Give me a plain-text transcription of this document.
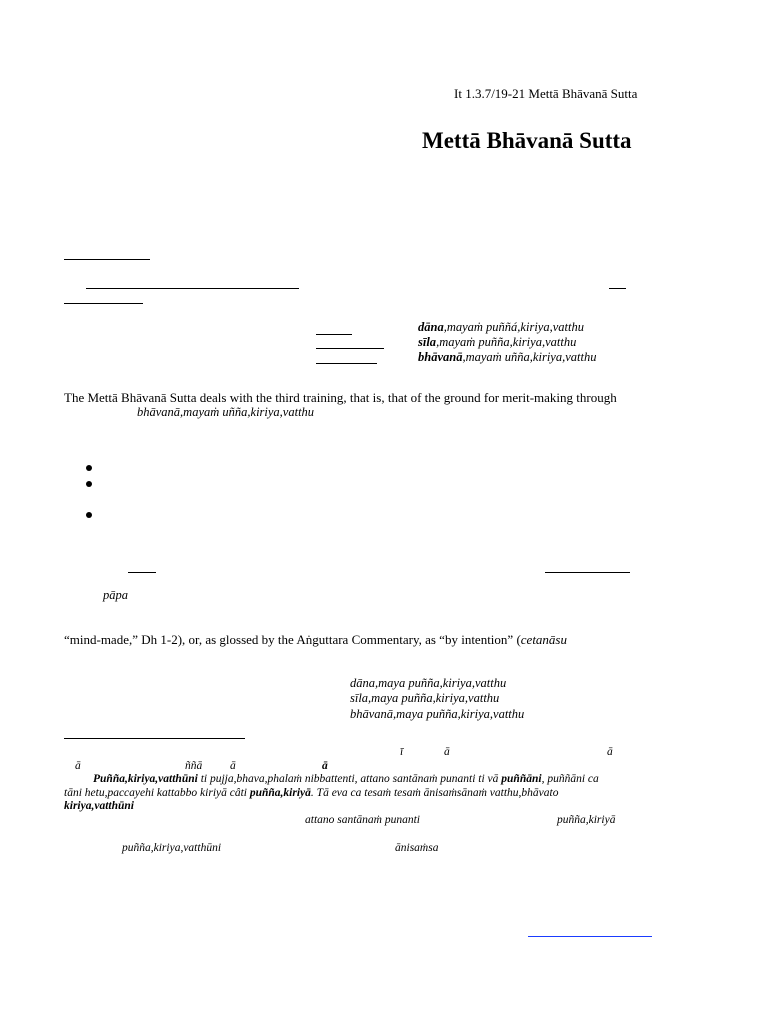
It 1.3.7/19-21 Mettā Bhāvanā Sutta
Mettā Bhāvanā Sutta
dāna,mayaṁ puññá,kiriya,vatthu
sīla,mayaṁ puñña,kiriya,vatthu
bhāvanā,mayaṁ uñña,kiriya,vatthu
The Mettā Bhāvanā Sutta deals with the third training, that is, that of the ground for merit-making through
bhāvanā,mayaṁ uñña,kiriya,vatthu
pāpa
“mind-made,” Dh 1-2), or, as glossed by the Aṅguttara Commentary, as “by intention” (cetanāsu
dāna,maya puñña,kiriya,vatthu
sīla,maya puñña,kiriya,vatthu
bhāvanā,maya puñña,kiriya,vatthu
ī	ā	ā
ā	ññā ā	ā
Puñña,kiriya,vatthūni ti pujja,bhava,phalaṁ nibbattenti, attano santānaṁ punanti ti vā puññāni, puññāni ca
tāni hetu,paccayehi kattabbo kiriyā câti puñña,kiriyā. Tā eva ca tesaṁ tesaṁ ānisaṁsānaṁ vatthu,bhāvato
kiriya,vatthūni
attano santānaṁ punanti	puñña,kiriyā
puñña,kiriya,vatthūni	ānisaṁsa
